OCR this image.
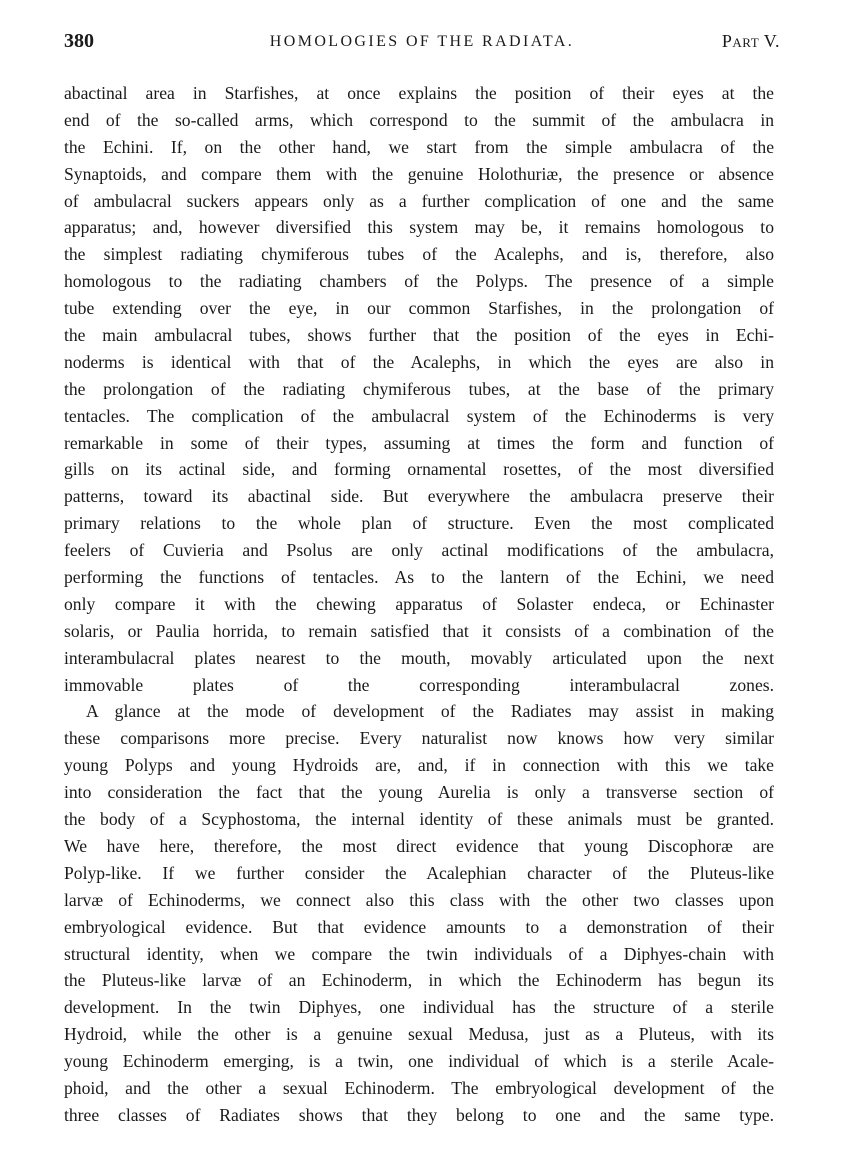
380	HOMOLOGIES OF THE RADIATA.	Part V.
abactinal area in Starfishes, at once explains the position of their eyes at the
end of the so-called arms, which correspond to the summit of the ambulacra in
the Echini. If, on the other hand, we start from the simple ambulacra of the
Synaptoids, and compare them with the genuine Holothuriæ, the presence or absence
of ambulacral suckers appears only as a further complication of one and the same
apparatus; and, however diversified this system may be, it remains homologous to
the simplest radiating chymiferous tubes of the Acalephs, and is, therefore, also
homologous to the radiating chambers of the Polyps. The presence of a simple
tube extending over the eye, in our common Starfishes, in the prolongation of
the main ambulacral tubes, shows further that the position of the eyes in Echi-
noderms is identical with that of the Acalephs, in which the eyes are also in
the prolongation of the radiating chymiferous tubes, at the base of the primary
tentacles. The complication of the ambulacral system of the Echinoderms is very
remarkable in some of their types, assuming at times the form and function of
gills on its actinal side, and forming ornamental rosettes, of the most diversified
patterns, toward its abactinal side. But everywhere the ambulacra preserve their
primary relations to the whole plan of structure. Even the most complicated
feelers of Cuvieria and Psolus are only actinal modifications of the ambulacra,
performing the functions of tentacles. As to the lantern of the Echini, we need
only compare it with the chewing apparatus of Solaster endeca, or Echinaster
solaris, or Paulia horrida, to remain satisfied that it consists of a combination of the
interambulacral plates nearest to the mouth, movably articulated upon the next
immovable plates of the corresponding interambulacral zones.
A glance at the mode of development of the Radiates may assist in making
these comparisons more precise. Every naturalist now knows how very similar
young Polyps and young Hydroids are, and, if in connection with this we take
into consideration the fact that the young Aurelia is only a transverse section of
the body of a Scyphostoma, the internal identity of these animals must be granted.
We have here, therefore, the most direct evidence that young Discophoræ are
Polyp-like. If we further consider the Acalephian character of the Pluteus-like
larvæ of Echinoderms, we connect also this class with the other two classes upon
embryological evidence. But that evidence amounts to a demonstration of their
structural identity, when we compare the twin individuals of a Diphyes-chain with
the Pluteus-like larvæ of an Echinoderm, in which the Echinoderm has begun its
development. In the twin Diphyes, one individual has the structure of a sterile
Hydroid, while the other is a genuine sexual Medusa, just as a Pluteus, with its
young Echinoderm emerging, is a twin, one individual of which is a sterile Acale-
phoid, and the other a sexual Echinoderm. The embryological development of the
three classes of Radiates shows that they belong to one and the same type.
